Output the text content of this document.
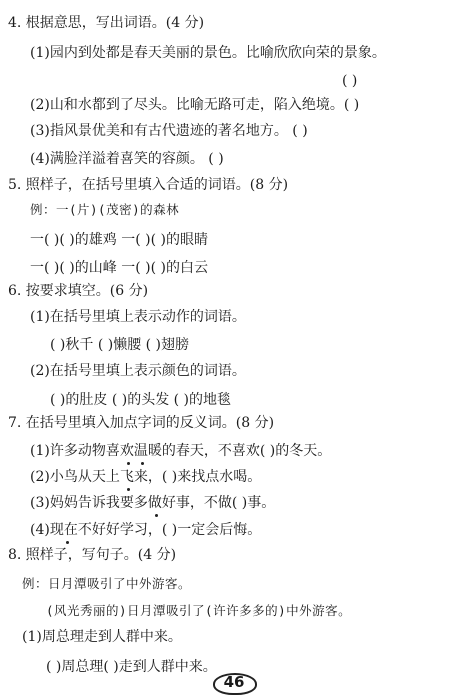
4. 根据意思，写出词语。(4 分)
(1)园内到处都是春天美丽的景色。比喻欣欣向荣的景象。
( )
(2)山和水都到了尽头。比喻无路可走，陷入绝境。( )
(3)指风景优美和有古代遗迹的著名地方。 ( )
(4)满脸洋溢着喜笑的容颜。 ( )
5. 照样子，在括号里填入合适的词语。(8 分)
例：一(片)(茂密)的森林
一( )( )的雄鸡 一( )( )的眼睛
一( )( )的山峰 一( )( )的白云
6. 按要求填空。(6 分)
(1)在括号里填上表示动作的词语。
( )秋千 ( )懒腰 ( )翅膀
(2)在括号里填上表示颜色的词语。
( )的肚皮 ( )的头发 ( )的地毯
7. 在括号里填入加点字词的反义词。(8 分)
(1)许多动物喜欢温暖的春天，不喜欢( )的冬天。
(2)小鸟从天上飞来，( )来找点水喝。
(3)妈妈告诉我要多做好事，不做( )事。
(4)现在不好好学习，( )一定会后悔。
8. 照样子，写句子。(4 分)
例：日月潭吸引了中外游客。
(风光秀丽的)日月潭吸引了(许许多多的)中外游客。
(1)周总理走到人群中来。
( )周总理( )走到人群中来。
46
